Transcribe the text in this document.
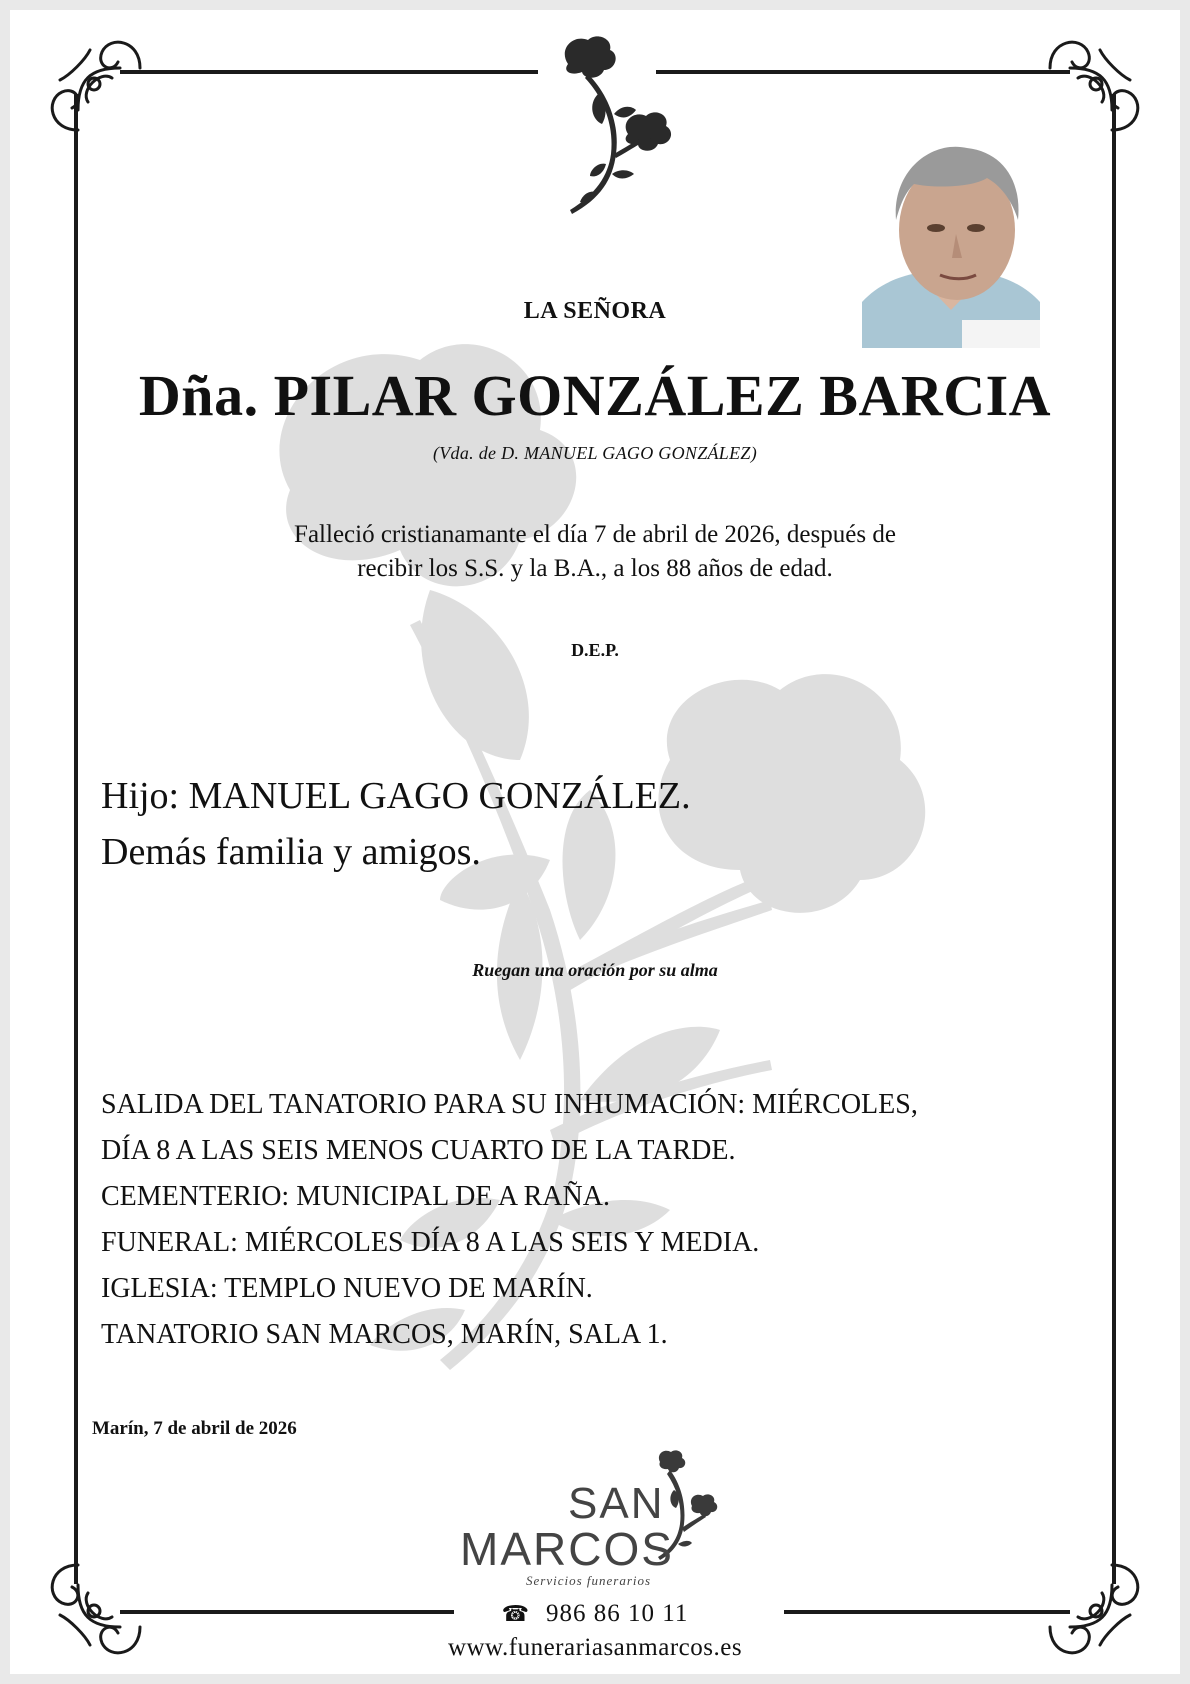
LA SEÑORA

Dña. PILAR GONZÁLEZ BARCIA

(Vda. de D. MANUEL GAGO GONZÁLEZ)

Falleció cristianamante el día 7 de abril de 2026, después de
recibir los S.S. y la B.A., a los 88 años de edad.

D.E.P.

Hijo: MANUEL GAGO GONZÁLEZ.
Demás familia y amigos.

Ruegan una oración por su alma

SALIDA DEL TANATORIO PARA SU INHUMACIÓN: MIÉRCOLES,
DÍA 8 A LAS SEIS MENOS CUARTO DE LA TARDE.
CEMENTERIO: MUNICIPAL DE A RAÑA.
FUNERAL: MIÉRCOLES DÍA 8 A LAS SEIS Y MEDIA.
IGLESIA: TEMPLO NUEVO DE MARÍN.
TANATORIO SAN MARCOS, MARÍN, SALA 1.

Marín, 7 de abril de 2026

SAN
MARCOS
Servicios funerarios

☎ 986 86 10 11

www.funerariasanmarcos.es
